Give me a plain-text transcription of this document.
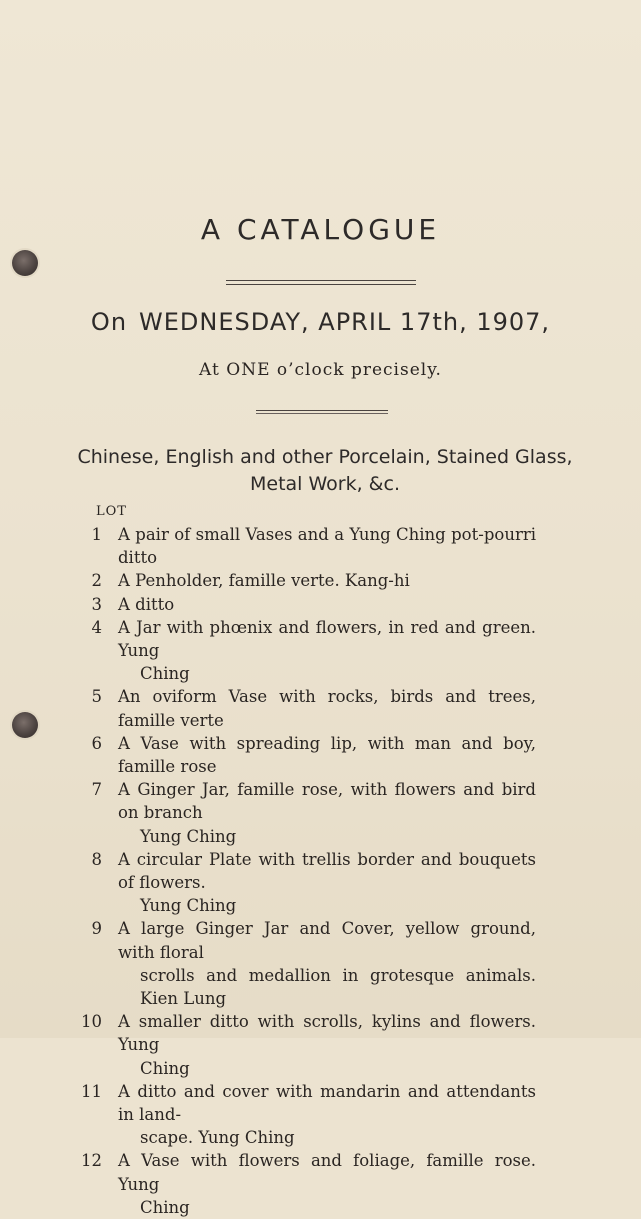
A CATALOGUE
On WEDNESDAY, APRIL 17th, 1907,
At ONE o’clock precisely.
Chinese, English and other Porcelain, Stained Glass, Metal Work, &c.
LOT
1 A pair of small Vases and a Yung Ching pot-pourri ditto
2 A Penholder, famille verte. Kang-hi
3 A ditto
4 A Jar with phœnix and flowers, in red and green. Yung
Ching
5 An oviform Vase with rocks, birds and trees, famille verte
6 A Vase with spreading lip, with man and boy, famille rose
7 A Ginger Jar, famille rose, with flowers and bird on branch
Yung Ching
8 A circular Plate with trellis border and bouquets of flowers.
Yung Ching
9 A large Ginger Jar and Cover, yellow ground, with floral
scrolls and medallion in grotesque animals. Kien Lung
10 A smaller ditto with scrolls, kylins and flowers. Yung
Ching
11 A ditto and cover with mandarin and attendants in land-
scape. Yung Ching
12 A Vase with flowers and foliage, famille rose. Yung
Ching
